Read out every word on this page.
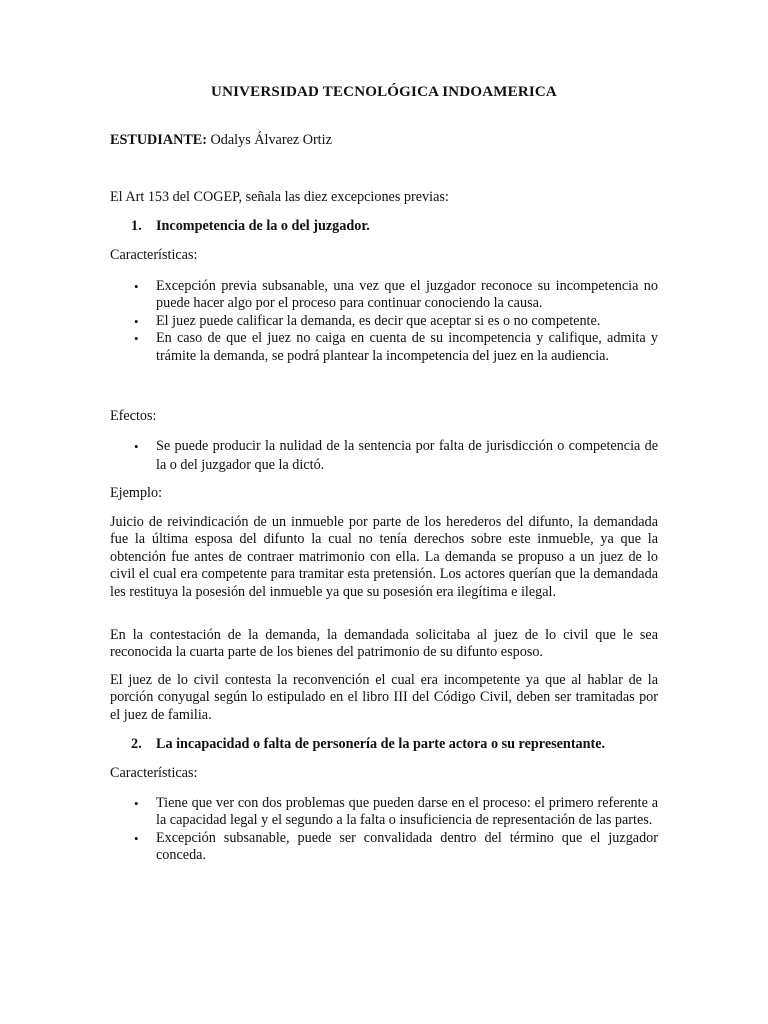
UNIVERSIDAD TECNOLÓGICA INDOAMERICA
ESTUDIANTE: Odalys Álvarez Ortiz

El Art 153 del COGEP, señala las diez excepciones previas:

1. Incompetencia de la o del juzgador.

Características:

• Excepción previa subsanable, una vez que el juzgador reconoce su incompetencia no puede hacer algo por el proceso para continuar conociendo la causa.
• El juez puede calificar la demanda, es decir que aceptar si es o no competente.
• En caso de que el juez no caiga en cuenta de su incompetencia y califique, admita y trámite la demanda, se podrá plantear la incompetencia del juez en la audiencia.

Efectos:

• Se puede producir la nulidad de la sentencia por falta de jurisdicción o competencia de la o del juzgador que la dictó.

Ejemplo:

Juicio de reivindicación de un inmueble por parte de los herederos del difunto, la demandada fue la última esposa del difunto la cual no tenía derechos sobre este inmueble, ya que la obtención fue antes de contraer matrimonio con ella. La demanda se propuso a un juez de lo civil el cual era competente para tramitar esta pretensión. Los actores querían que la demandada les restituya la posesión del inmueble ya que su posesión era ilegítima e ilegal.

En la contestación de la demanda, la demandada solicitaba al juez de lo civil que le sea reconocida la cuarta parte de los bienes del patrimonio de su difunto esposo.

El juez de lo civil contesta la reconvención el cual era incompetente ya que al hablar de la porción conyugal según lo estipulado en el libro III del Código Civil, deben ser tramitadas por el juez de familia.

2. La incapacidad o falta de personería de la parte actora o su representante.

Características:

• Tiene que ver con dos problemas que pueden darse en el proceso: el primero referente a la capacidad legal y el segundo a la falta o insuficiencia de representación de las partes.
• Excepción subsanable, puede ser convalidada dentro del término que el juzgador conceda.
